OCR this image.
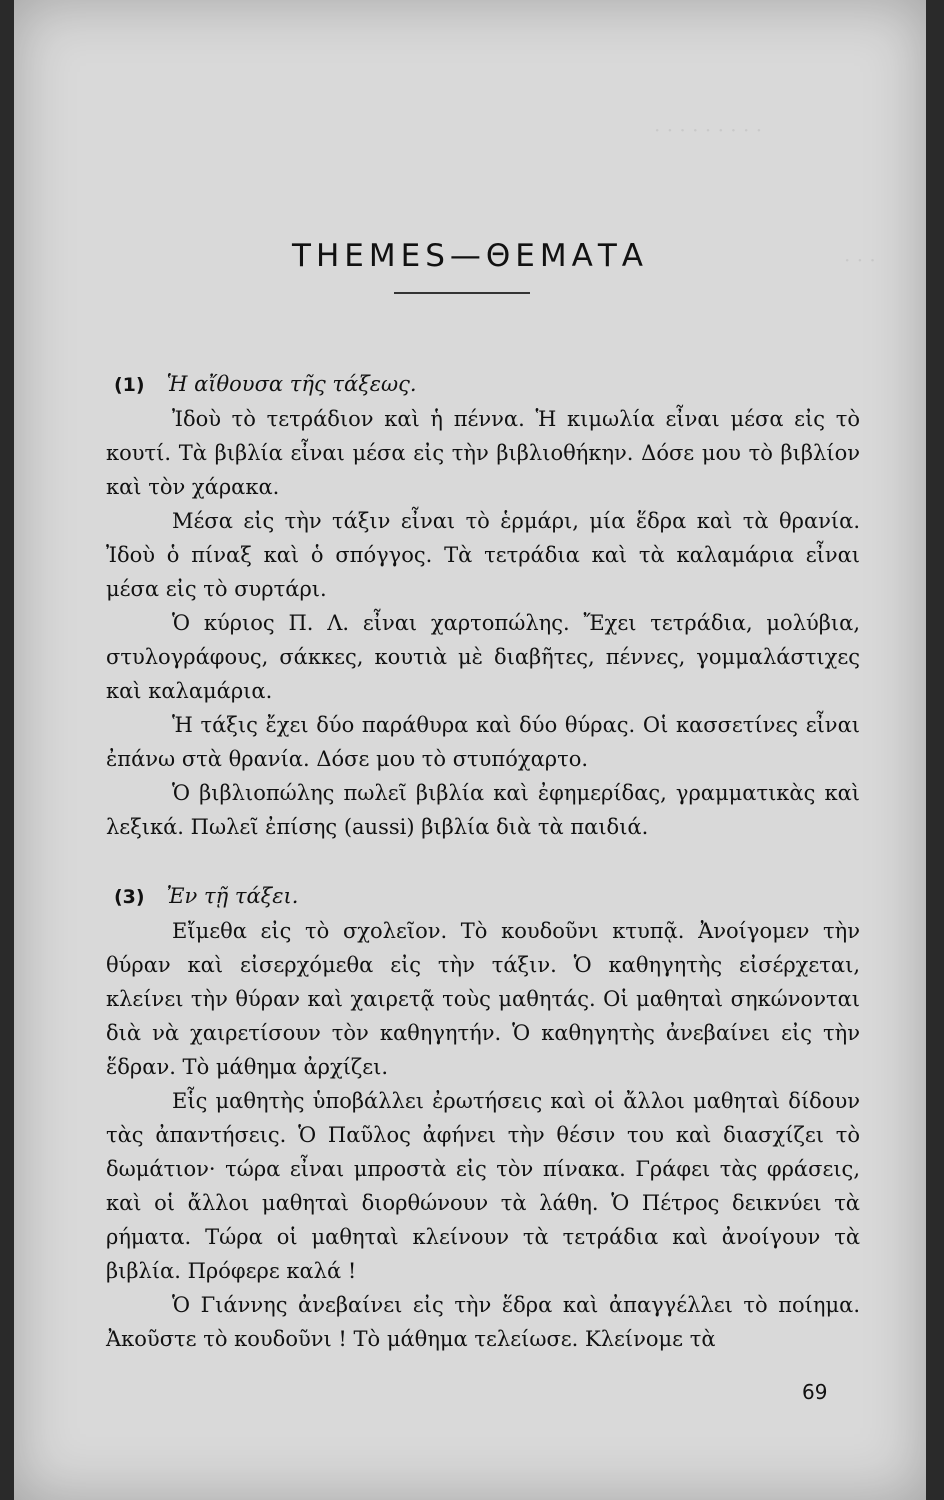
· · · · · · · · ·
· · ·
THEMES—ΘΕΜΑΤΑ
(1) Ἡ αἴθουσα τῆς τάξεως.

Ἰδοὺ τὸ τετράδιον καὶ ἡ πέννα. Ἡ κιμωλία εἶναι μέσα εἰς τὸ κουτί. Τὰ βιβλία εἶναι μέσα εἰς τὴν βιβλιοθήκην. Δόσε μου τὸ βιβλίον καὶ τὸν χάρακα.

Μέσα εἰς τὴν τάξιν εἶναι τὸ ἑρμάρι, μία ἕδρα καὶ τὰ θρανία. Ἰδοὺ ὁ πίναξ καὶ ὁ σπόγγος. Τὰ τετράδια καὶ τὰ καλαμάρια εἶναι μέσα εἰς τὸ συρτάρι.

Ὁ κύριος Π. Λ. εἶναι χαρτοπώλης. Ἔχει τετράδια, μολύβια, στυλογράφους, σάκκες, κουτιὰ μὲ διαβῆτες, πέννες, γομμαλάστιχες καὶ καλαμάρια.

Ἡ τάξις ἔχει δύο παράθυρα καὶ δύο θύρας. Οἱ κασσετίνες εἶναι ἐπάνω στὰ θρανία. Δόσε μου τὸ στυπόχαρτο.

Ὁ βιβλιοπώλης πωλεῖ βιβλία καὶ ἐφημερίδας, γραμματικὰς καὶ λεξικά. Πωλεῖ ἐπίσης (aussi) βιβλία διὰ τὰ παιδιά.

(3) Ἐν τῇ τάξει.

Εἴμεθα εἰς τὸ σχολεῖον. Τὸ κουδοῦνι κτυπᾷ. Ἀνοίγομεν τὴν θύραν καὶ εἰσερχόμεθα εἰς τὴν τάξιν. Ὁ καθηγητὴς εἰσέρχεται, κλείνει τὴν θύραν καὶ χαιρετᾷ τοὺς μαθητάς. Οἱ μαθηταὶ σηκώνονται διὰ νὰ χαιρετίσουν τὸν καθηγητήν. Ὁ καθηγητὴς ἀνεβαίνει εἰς τὴν ἕδραν. Τὸ μάθημα ἀρχίζει.

Εἷς μαθητὴς ὑποβάλλει ἐρωτήσεις καὶ οἱ ἄλλοι μαθηταὶ δίδουν τὰς ἀπαντήσεις. Ὁ Παῦλος ἀφήνει τὴν θέσιν του καὶ διασχίζει τὸ δωμάτιον· τώρα εἶναι μπροστὰ εἰς τὸν πίνακα. Γράφει τὰς φράσεις, καὶ οἱ ἄλλοι μαθηταὶ διορθώνουν τὰ λάθη. Ὁ Πέτρος δεικνύει τὰ ρήματα. Τώρα οἱ μαθηταὶ κλείνουν τὰ τετράδια καὶ ἀνοίγουν τὰ βιβλία. Πρόφερε καλά !

Ὁ Γιάννης ἀνεβαίνει εἰς τὴν ἕδρα καὶ ἀπαγγέλλει τὸ ποίημα. Ἀκοῦστε τὸ κουδοῦνι ! Τὸ μάθημα τελείωσε. Κλείνομε τὰ

69
